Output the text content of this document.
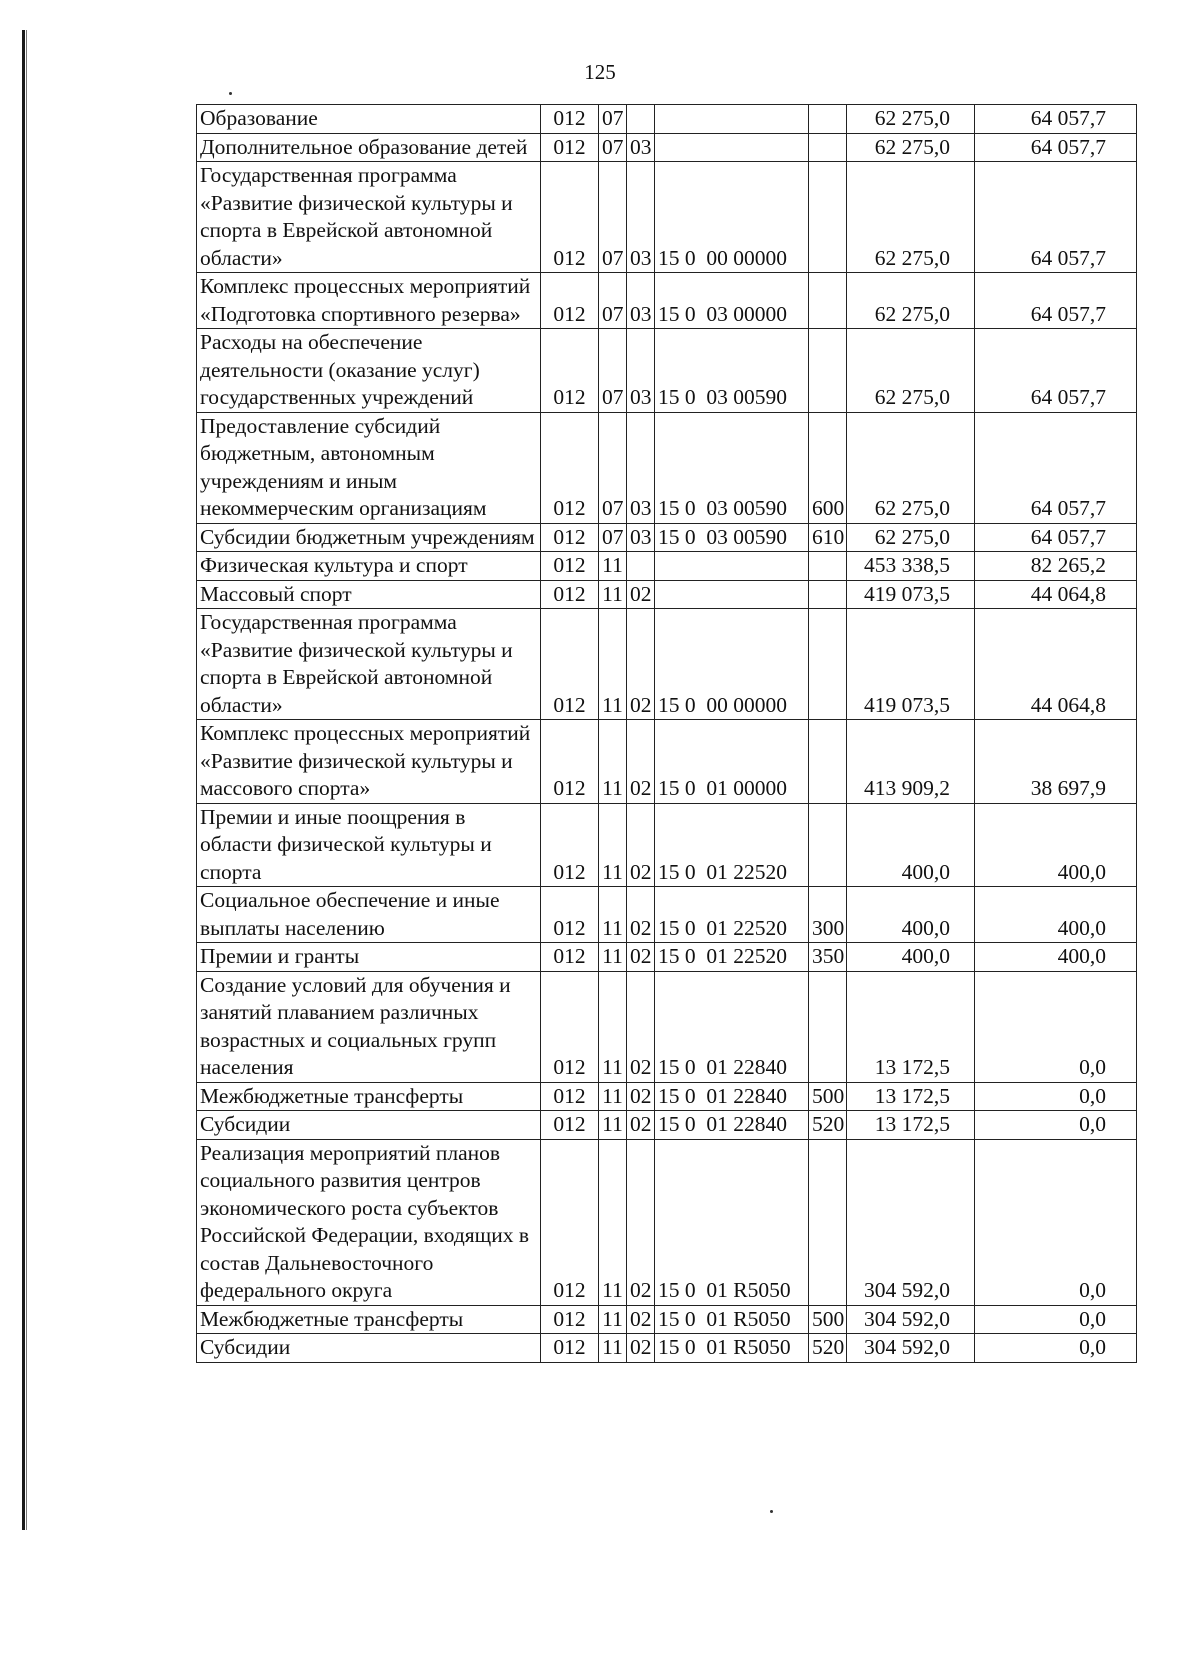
125
Образование	012	07				62 275,0	64 057,7
Дополнительное образование детей	012	07	03			62 275,0	64 057,7
Государственная программа «Развитие физической культуры и спорта в Еврейской автономной области»	012	07	03	15 0  00 00000		62 275,0	64 057,7
Комплекс процессных мероприятий «Подготовка спортивного резерва»	012	07	03	15 0  03 00000		62 275,0	64 057,7
Расходы на обеспечение деятельности (оказание услуг) государственных учреждений	012	07	03	15 0  03 00590		62 275,0	64 057,7
Предоставление субсидий бюджетным, автономным учреждениям и иным некоммерческим организациям	012	07	03	15 0  03 00590	600	62 275,0	64 057,7
Субсидии бюджетным учреждениям	012	07	03	15 0  03 00590	610	62 275,0	64 057,7
Физическая культура и спорт	012	11				453 338,5	82 265,2
Массовый спорт	012	11	02			419 073,5	44 064,8
Государственная программа «Развитие физической культуры и спорта в Еврейской автономной области»	012	11	02	15 0  00 00000		419 073,5	44 064,8
Комплекс процессных мероприятий «Развитие физической культуры и массового спорта»	012	11	02	15 0  01 00000		413 909,2	38 697,9
Премии и иные поощрения в области физической культуры и спорта	012	11	02	15 0  01 22520		400,0	400,0
Социальное обеспечение и иные выплаты населению	012	11	02	15 0  01 22520	300	400,0	400,0
Премии и гранты	012	11	02	15 0  01 22520	350	400,0	400,0
Создание условий для обучения и занятий плаванием различных возрастных и социальных групп населения	012	11	02	15 0  01 22840		13 172,5	0,0
Межбюджетные трансферты	012	11	02	15 0  01 22840	500	13 172,5	0,0
Субсидии	012	11	02	15 0  01 22840	520	13 172,5	0,0
Реализация мероприятий планов социального развития центров экономического роста субъектов Российской Федерации, входящих в состав Дальневосточного федерального округа	012	11	02	15 0  01 R5050		304 592,0	0,0
Межбюджетные трансферты	012	11	02	15 0  01 R5050	500	304 592,0	0,0
Субсидии	012	11	02	15 0  01 R5050	520	304 592,0	0,0
